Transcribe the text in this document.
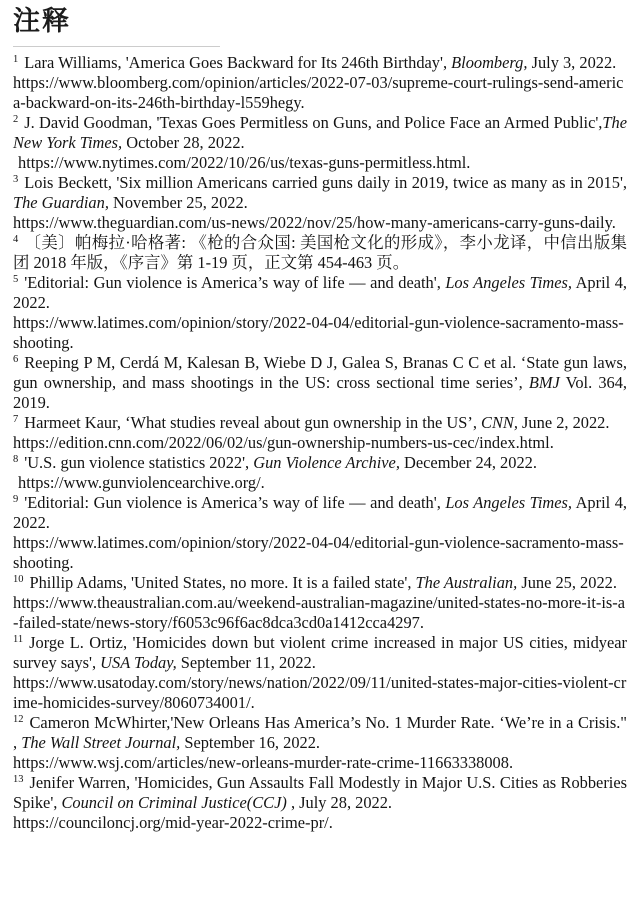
注释

$^1$ Lara Williams, 'America Goes Backward for Its 246th Birthday', Bloomberg, July 3, 2022.
https://www.bloomberg.com/opinion/articles/2022-07-03/supreme-court-rulings-send-america-backward-on-its-246th-birthday-l559hegy.

$^2$ J. David Goodman, 'Texas Goes Permitless on Guns, and Police Face an Armed Public',The New York Times, October 28, 2022.
https://www.nytimes.com/2022/10/26/us/texas-guns-permitless.html.

$^3$ Lois Beckett, 'Six million Americans carried guns daily in 2019, twice as many as in 2015', The Guardian, November 25, 2022.
https://www.theguardian.com/us-news/2022/nov/25/how-many-americans-carry-guns-daily.

$^4$ 〔美〕帕梅拉·哈格著: 《枪的合众国: 美国枪文化的形成》，李小龙译，中信出版集团 2018 年版，《序言》第 1-19 页，正文第 454-463 页。

$^5$ 'Editorial: Gun violence is America’s way of life — and death', Los Angeles Times, April 4, 2022.
https://www.latimes.com/opinion/story/2022-04-04/editorial-gun-violence-sacramento-mass-shooting.

$^6$ Reeping P M, Cerdá M, Kalesan B, Wiebe D J, Galea S, Branas C C et al. ‘State gun laws, gun ownership, and mass shootings in the US: cross sectional time series’, BMJ Vol. 364, 2019.

$^7$ Harmeet Kaur, ‘What studies reveal about gun ownership in the US’, CNN, June 2, 2022.
https://edition.cnn.com/2022/06/02/us/gun-ownership-numbers-us-cec/index.html.

$^8$ 'U.S. gun violence statistics 2022', Gun Violence Archive, December 24, 2022.
https://www.gunviolencearchive.org/.

$^9$ 'Editorial: Gun violence is America’s way of life — and death', Los Angeles Times, April 4, 2022.
https://www.latimes.com/opinion/story/2022-04-04/editorial-gun-violence-sacramento-mass-shooting.

$^{10}$ Phillip Adams, 'United States, no more. It is a failed state', The Australian, June 25, 2022.
https://www.theaustralian.com.au/weekend-australian-magazine/united-states-no-more-it-is-a-failed-state/news-story/f6053c96f6ac8dca3cd0a1412cca4297.

$^{11}$ Jorge L. Ortiz, 'Homicides down but violent crime increased in major US cities, midyear survey says', USA Today, September 11, 2022.
https://www.usatoday.com/story/news/nation/2022/09/11/united-states-major-cities-violent-crime-homicides-survey/8060734001/.

$^{12}$ Cameron McWhirter,'New Orleans Has America’s No. 1 Murder Rate. ‘We’re in a Crisis." , The Wall Street Journal, September 16, 2022.
https://www.wsj.com/articles/new-orleans-murder-rate-crime-11663338008.

$^{13}$ Jenifer Warren, 'Homicides, Gun Assaults Fall Modestly in Major U.S. Cities as Robberies Spike', Council on Criminal Justice(CCJ) , July 28, 2022.
https://counciloncj.org/mid-year-2022-crime-pr/.
